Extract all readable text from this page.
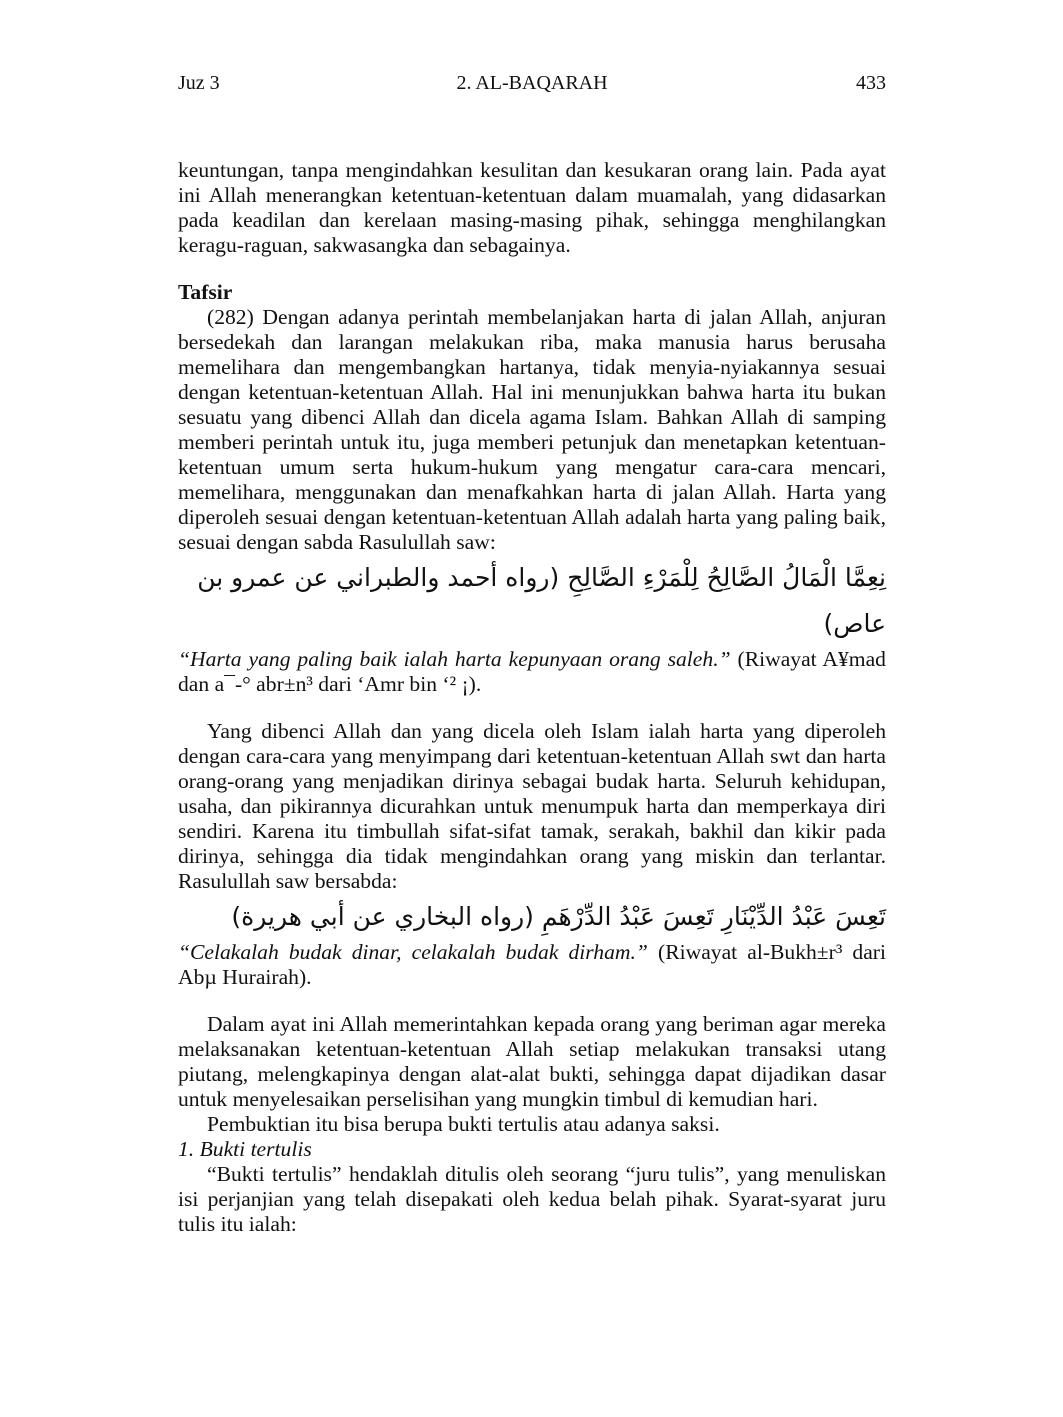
Juz 3	2. AL-BAQARAH	433

keuntungan, tanpa mengindahkan kesulitan dan kesukaran orang lain. Pada ayat ini Allah menerangkan ketentuan-ketentuan dalam muamalah, yang didasarkan pada keadilan dan kerelaan masing-masing pihak, sehingga menghilangkan keragu-raguan, sakwasangka dan sebagainya.

Tafsir

(282) Dengan adanya perintah membelanjakan harta di jalan Allah, anjuran bersedekah dan larangan melakukan riba, maka manusia harus berusaha memelihara dan mengembangkan hartanya, tidak menyia-nyiakannya sesuai dengan ketentuan-ketentuan Allah. Hal ini menunjukkan bahwa harta itu bukan sesuatu yang dibenci Allah dan dicela agama Islam. Bahkan Allah di samping memberi perintah untuk itu, juga memberi petunjuk dan menetapkan ketentuan-ketentuan umum serta hukum-hukum yang mengatur cara-cara mencari, memelihara, menggunakan dan menafkahkan harta di jalan Allah. Harta yang diperoleh sesuai dengan ketentuan-ketentuan Allah adalah harta yang paling baik, sesuai dengan sabda Rasulullah saw:

نِعِمَّا الْمَالُ الصَّالِحُ لِلْمَرْءِ الصَّالِحِ (رواه أحمد والطبراني عن عمرو بن عاص)

“Harta yang paling baik ialah harta kepunyaan orang saleh.” (Riwayat A¥mad dan a¯-° abr±n³ dari ‘Amr bin ‘² ¡).

Yang dibenci Allah dan yang dicela oleh Islam ialah harta yang diperoleh dengan cara-cara yang menyimpang dari ketentuan-ketentuan Allah swt dan harta orang-orang yang menjadikan dirinya sebagai budak harta. Seluruh kehidupan, usaha, dan pikirannya dicurahkan untuk menumpuk harta dan memperkaya diri sendiri. Karena itu timbullah sifat-sifat tamak, serakah, bakhil dan kikir pada dirinya, sehingga dia tidak mengindahkan orang yang miskin dan terlantar. Rasulullah saw bersabda:

تَعِسَ عَبْدُ الدِّيْنَارِ تَعِسَ عَبْدُ الدِّرْهَمِ (رواه البخاري عن أبي هريرة)

“Celakalah budak dinar, celakalah budak dirham.” (Riwayat al-Bukh±r³ dari Abµ Hurairah).

Dalam ayat ini Allah memerintahkan kepada orang yang beriman agar mereka melaksanakan ketentuan-ketentuan Allah setiap melakukan transaksi utang piutang, melengkapinya dengan alat-alat bukti, sehingga dapat dijadikan dasar untuk menyelesaikan perselisihan yang mungkin timbul di kemudian hari.

Pembuktian itu bisa berupa bukti tertulis atau adanya saksi.

1. Bukti tertulis

“Bukti tertulis” hendaklah ditulis oleh seorang “juru tulis”, yang menuliskan isi perjanjian yang telah disepakati oleh kedua belah pihak. Syarat-syarat juru tulis itu ialah:
